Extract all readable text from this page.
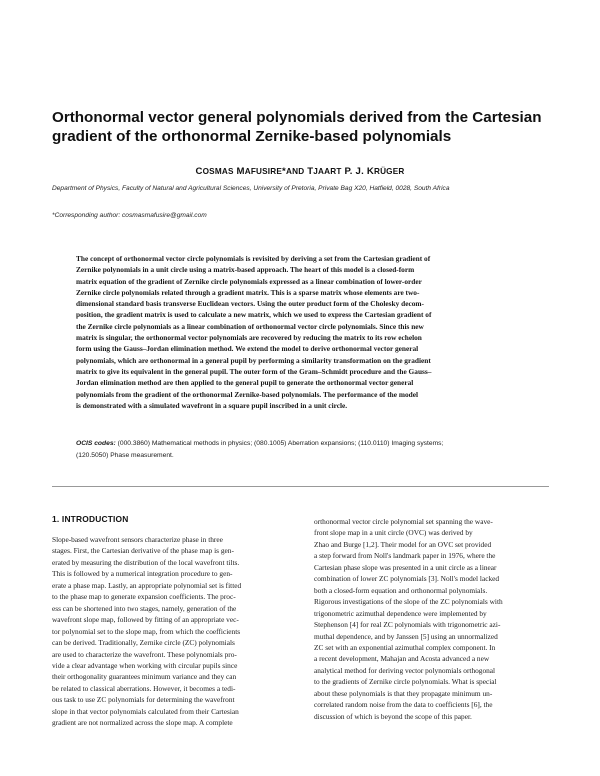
Orthonormal vector general polynomials derived from the Cartesian
gradient of the orthonormal Zernike-based polynomials
COSMAS MAFUSIRE*AND TJAART P. J. KRÜGER
Department of Physics, Faculty of Natural and Agricultural Sciences, University of Pretoria, Private Bag X20, Hatfield, 0028, South Africa
*Corresponding author: cosmasmafusire@gmail.com
The concept of orthonormal vector circle polynomials is revisited by deriving a set from the Cartesian gradient of
Zernike polynomials in a unit circle using a matrix-based approach. The heart of this model is a closed-form
matrix equation of the gradient of Zernike circle polynomials expressed as a linear combination of lower-order
Zernike circle polynomials related through a gradient matrix. This is a sparse matrix whose elements are two-
dimensional standard basis transverse Euclidean vectors. Using the outer product form of the Cholesky decom-
position, the gradient matrix is used to calculate a new matrix, which we used to express the Cartesian gradient of
the Zernike circle polynomials as a linear combination of orthonormal vector circle polynomials. Since this new
matrix is singular, the orthonormal vector polynomials are recovered by reducing the matrix to its row echelon
form using the Gauss–Jordan elimination method. We extend the model to derive orthonormal vector general
polynomials, which are orthonormal in a general pupil by performing a similarity transformation on the gradient
matrix to give its equivalent in the general pupil. The outer form of the Gram–Schmidt procedure and the Gauss–
Jordan elimination method are then applied to the general pupil to generate the orthonormal vector general
polynomials from the gradient of the orthonormal Zernike-based polynomials. The performance of the model
is demonstrated with a simulated wavefront in a square pupil inscribed in a unit circle.
OCIS codes: (000.3860) Mathematical methods in physics; (080.1005) Aberration expansions; (110.0110) Imaging systems;
(120.5050) Phase measurement.
1. INTRODUCTION
Slope-based wavefront sensors characterize phase in three
stages. First, the Cartesian derivative of the phase map is gen-
erated by measuring the distribution of the local wavefront tilts.
This is followed by a numerical integration procedure to gen-
erate a phase map. Lastly, an appropriate polynomial set is fitted
to the phase map to generate expansion coefficients. The proc-
ess can be shortened into two stages, namely, generation of the
wavefront slope map, followed by fitting of an appropriate vec-
tor polynomial set to the slope map, from which the coefficients
can be derived. Traditionally, Zernike circle (ZC) polynomials
are used to characterize the wavefront. These polynomials pro-
vide a clear advantage when working with circular pupils since
their orthogonality guarantees minimum variance and they can
be related to classical aberrations. However, it becomes a tedi-
ous task to use ZC polynomials for determining the wavefront
slope in that vector polynomials calculated from their Cartesian
gradient are not normalized across the slope map. A complete
orthonormal vector circle polynomial set spanning the wave-
front slope map in a unit circle (OVC) was derived by
Zhao and Burge [1,2]. Their model for an OVC set provided
a step forward from Noll's landmark paper in 1976, where the
Cartesian phase slope was presented in a unit circle as a linear
combination of lower ZC polynomials [3]. Noll's model lacked
both a closed-form equation and orthonormal polynomials.
Rigorous investigations of the slope of the ZC polynomials with
trigonometric azimuthal dependence were implemented by
Stephenson [4] for real ZC polynomials with trigonometric azi-
muthal dependence, and by Janssen [5] using an unnormalized
ZC set with an exponential azimuthal complex component. In
a recent development, Mahajan and Acosta advanced a new
analytical method for deriving vector polynomials orthogonal
to the gradients of Zernike circle polynomials. What is special
about these polynomials is that they propagate minimum un-
correlated random noise from the data to coefficients [6], the
discussion of which is beyond the scope of this paper.
